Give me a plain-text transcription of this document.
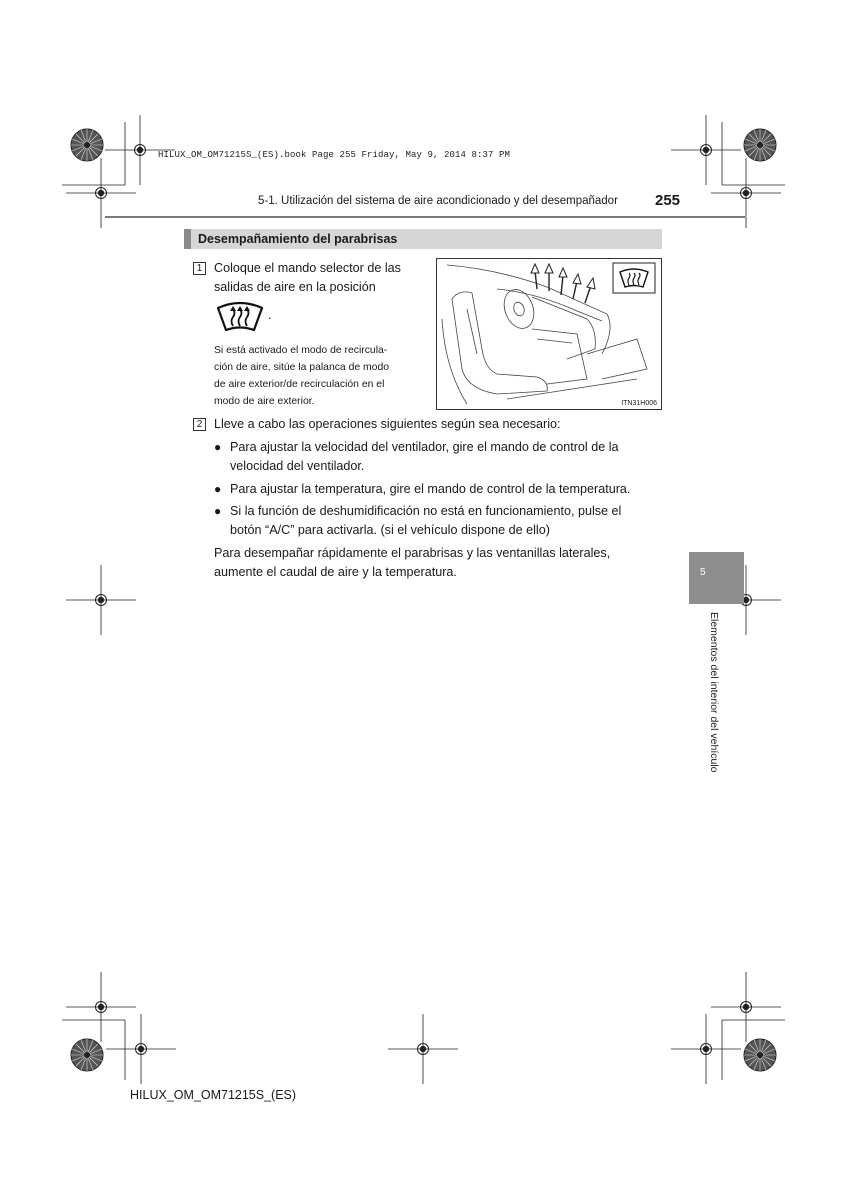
HILUX_OM_OM71215S_(ES).book Page 255 Friday, May 9, 2014 8:37 PM
5-1. Utilización del sistema de aire acondicionado y del desempañador 255
Desempañamiento del parabrisas
1 Coloque el mando selector de las
salidas de aire en la posición
.
Si está activado el modo de recircula-
ción de aire, sitúe la palanca de modo
de aire exterior/de recirculación en el
modo de aire exterior.	ITN31H006
2 Lleve a cabo las operaciones siguientes según sea necesario:
● Para ajustar la velocidad del ventilador, gire el mando de control de la
velocidad del ventilador.
● Para ajustar la temperatura, gire el mando de control de la temperatura.
● Si la función de deshumidificación no está en funcionamiento, pulse el
botón “A/C” para activarla. (si el vehículo dispone de ello)
Para desempañar rápidamente el parabrisas y las ventanillas laterales,
aumente el caudal de aire y la temperatura.	5
Elementos del interior del vehículo
HILUX_OM_OM71215S_(ES)
